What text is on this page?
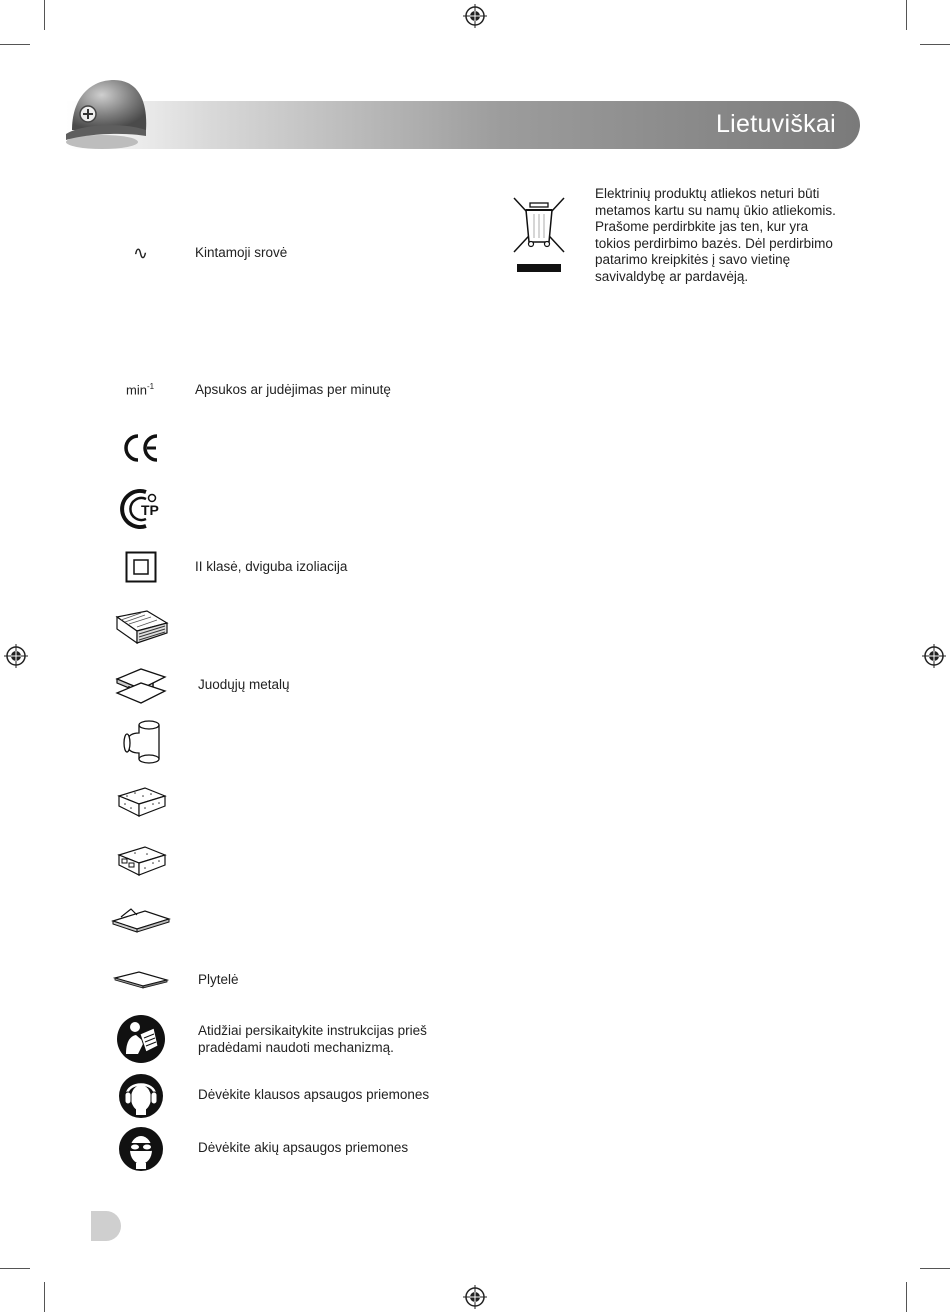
Lietuviškai
∿	Kintamoji srovė
$\min^{-1}$	Apsukos ar judėjimas per minutę
TP
II klasė, dviguba izoliacija
Juodųjų metalų
Plytelė
Atidžiai persikaitykite instrukcijas prieš
pradėdami naudoti mechanizmą.
Dėvėkite klausos apsaugos priemones
Dėvėkite akių apsaugos priemones
Elektrinių produktų atliekos neturi būti
metamos kartu su namų ūkio atliekomis.
Prašome perdirbkite jas ten, kur yra
tokios perdirbimo bazės. Dėl perdirbimo
patarimo kreipkitės į savo vietinę
savivaldybę ar pardavėją.
